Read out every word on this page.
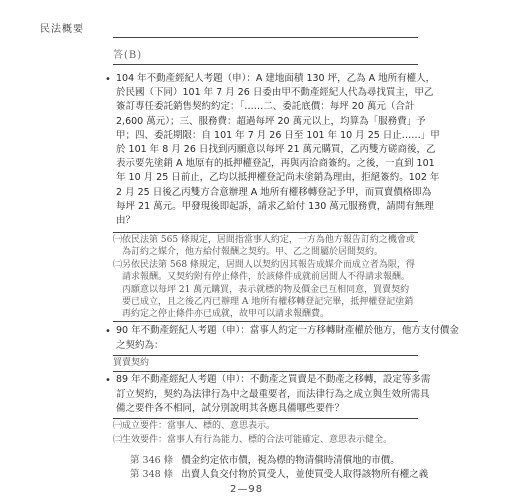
民法概要
答(B)
• 104 年不動產經紀人考題（申）：A 建地面積 130 坪，乙為 A 地所有權人，
於民國（下同）101 年 7 月 26 日委由甲不動產經紀人代為尋找買主，甲乙
簽訂專任委託銷售契約約定：「……二、委託底價：每坪 20 萬元（合計
2,600 萬元）；三、服務費：超過每坪 20 萬元以上，均算為「服務費」予
甲；四、委託期限：自 101 年 7 月 26 日至 101 年 10 月 25 日止……」甲
於 101 年 8 月 26 日找到丙願意以每坪 21 萬元購買，乙丙雙方磋商後，乙
表示要先塗銷 A 地原有的抵押權登記，再與丙洽商簽約。之後，一直到 101
年 10 月 25 日前止，乙均以抵押權登記尚未塗銷為理由，拒絕簽約。102 年
2 月 25 日後乙丙雙方合意辦理 A 地所有權移轉登記予甲，而買賣價格即為
每坪 21 萬元。甲發現後即起訴，請求乙給付 130 萬元服務費，請問有無理
由？
㈠依民法第 565 條規定，居間指當事人約定，一方為他方報告訂約之機會或
　為訂約之媒介，他方給付報酬之契約。甲、乙之間屬於居間契約。
㈡另依民法第 568 條規定，居間人以契約因其報告成媒介而成立者為限，得
　請求報酬。又契約附有停止條件，於該條件成就前居間人不得請求報酬。
　丙願意以每坪 21 萬元購買，表示就標的物及價金已互相同意，買賣契約
　要已成立，且之後乙丙已辦理 A 地所有權移轉登記完畢，抵押權登記塗銷
　再約定之停止條件亦已成就，故甲可以請求報酬費。
• 90 年不動產經紀人考題（申）：當事人約定一方移轉財產權於他方，他方支付價金
之契約為：
買賣契約
• 89 年不動產經紀人考題（申）：不動產之買賣是不動產之移轉，設定等多需
訂立契約，契約為法律行為中之最重要者，而法律行為之成立與生效所需具
備之要件各不相同，試分別說明其各應具備哪些要件？
㈠成立要件：當事人、標的、意思表示。
㈡生效要件：當事人有行為能力、標的合法可能確定、意思表示健全。
第 346 條 價金約定依市價，視為標的物清償時清償地的市價。
第 348 條 出賣人負交付物於買受人，並使買受人取得該物所有權之義
2—98
